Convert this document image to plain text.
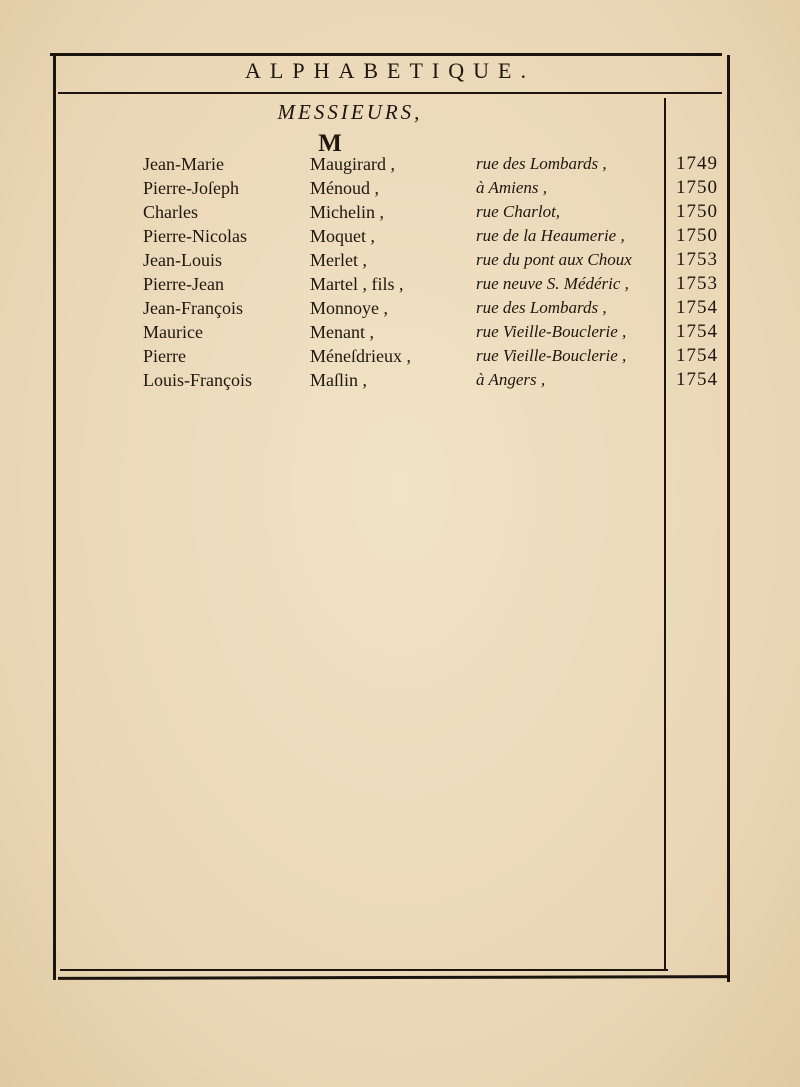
ALPHABETIQUE.
MESSIEURS,
M
Jean-Marie	Maugirard ,	rue des Lombards ,	1749
Pierre-Joſeph	Ménoud ,	à Amiens ,	1750
Charles	Michelin ,	rue Charlot,	1750
Pierre-Nicolas	Moquet ,	rue de la Heaumerie ,	1750
Jean-Louis	Merlet ,	rue du pont aux Choux 1753
Pierre-Jean	Martel , fils ,	rue neuve S. Médéric , 1753
Jean-François	Monnoye ,	rue des Lombards ,	1754
Maurice	Menant ,	rue Vieille-Bouclerie ,	1754
Pierre	Méneſdrieux ,	rue Vieille-Bouclerie ,	1754
Louis-François	Maſlin ,	à Angers ,	1754
